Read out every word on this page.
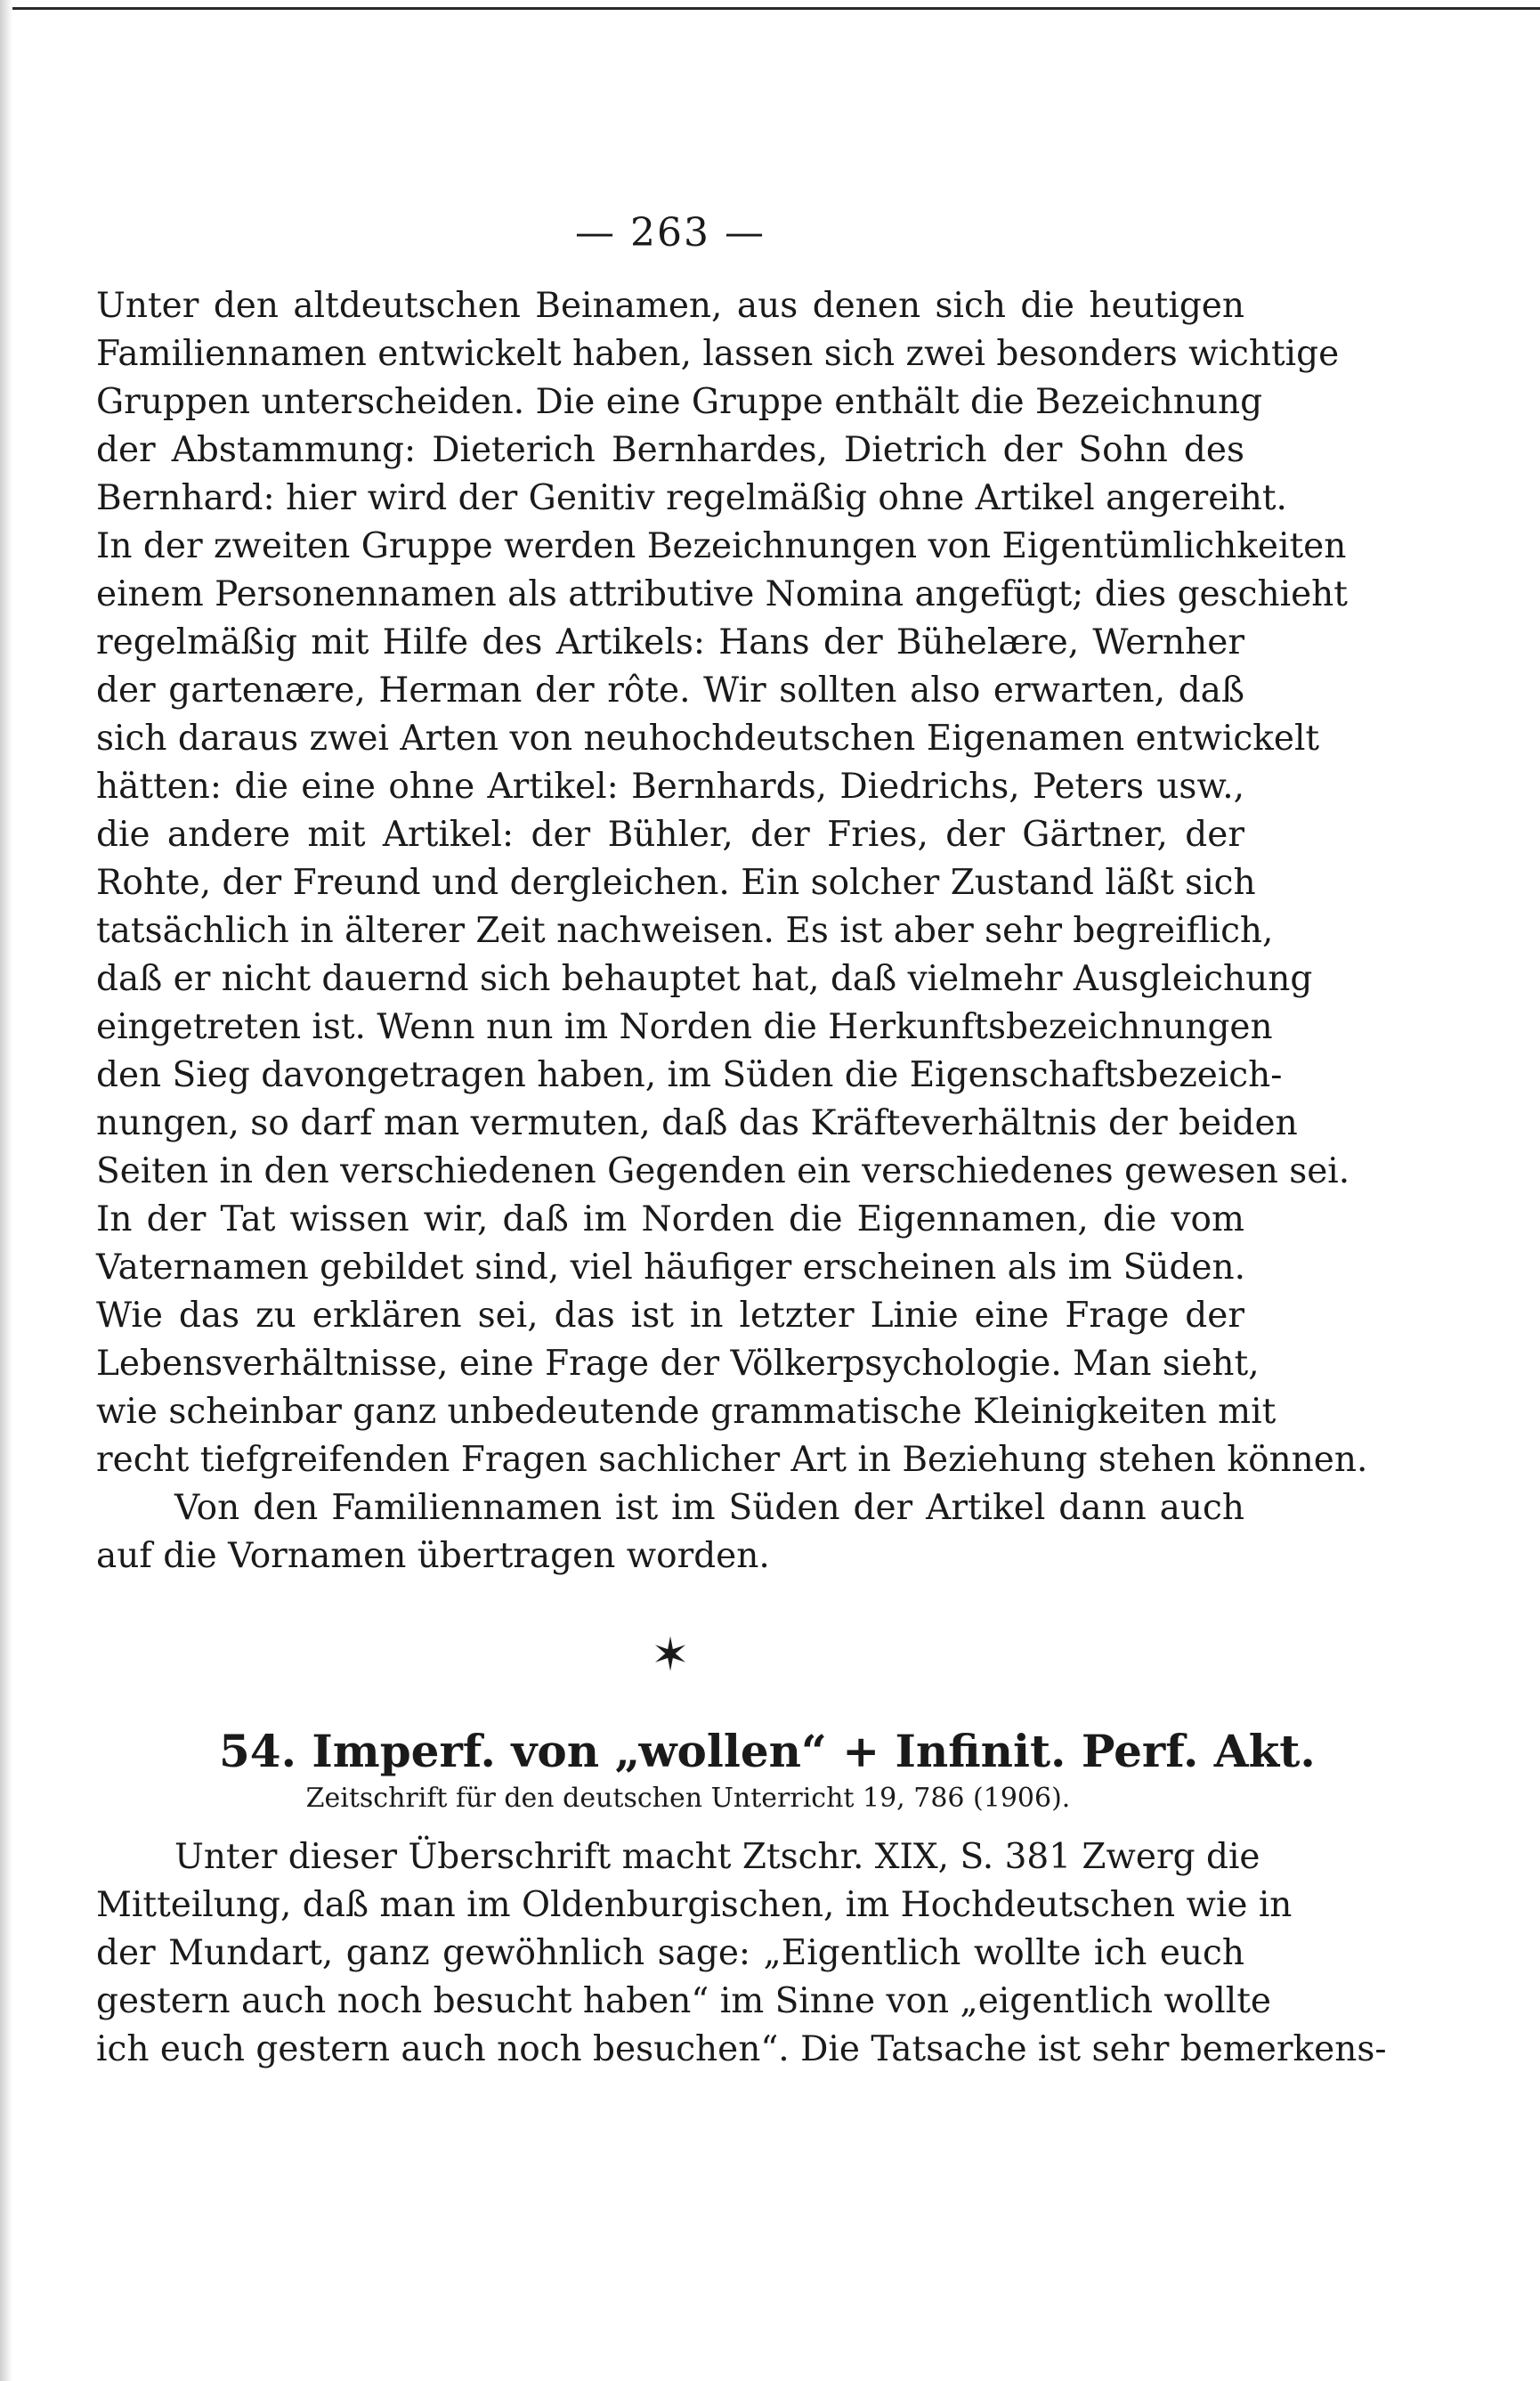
— 263 —
Unter den altdeutschen Beinamen, aus denen sich die heutigen
Familiennamen entwickelt haben, lassen sich zwei besonders wichtige
Gruppen unterscheiden. Die eine Gruppe enthält die Bezeichnung
der Abstammung: Dieterich Bernhardes, Dietrich der Sohn des
Bernhard: hier wird der Genitiv regelmäßig ohne Artikel angereiht.
In der zweiten Gruppe werden Bezeichnungen von Eigentümlichkeiten
einem Personennamen als attributive Nomina angefügt; dies geschieht
regelmäßig mit Hilfe des Artikels: Hans der Bühelære, Wernher
der gartenære, Herman der rôte. Wir sollten also erwarten, daß
sich daraus zwei Arten von neuhochdeutschen Eigenamen entwickelt
hätten: die eine ohne Artikel: Bernhards, Diedrichs, Peters usw.,
die andere mit Artikel: der Bühler, der Fries, der Gärtner, der
Rohte, der Freund und dergleichen. Ein solcher Zustand läßt sich
tatsächlich in älterer Zeit nachweisen. Es ist aber sehr begreiflich,
daß er nicht dauernd sich behauptet hat, daß vielmehr Ausgleichung
eingetreten ist. Wenn nun im Norden die Herkunftsbezeichnungen
den Sieg davongetragen haben, im Süden die Eigenschaftsbezeich-
nungen, so darf man vermuten, daß das Kräfteverhältnis der beiden
Seiten in den verschiedenen Gegenden ein verschiedenes gewesen sei.
In der Tat wissen wir, daß im Norden die Eigennamen, die vom
Vaternamen gebildet sind, viel häufiger erscheinen als im Süden.
Wie das zu erklären sei, das ist in letzter Linie eine Frage der
Lebensverhältnisse, eine Frage der Völkerpsychologie. Man sieht,
wie scheinbar ganz unbedeutende grammatische Kleinigkeiten mit
recht tiefgreifenden Fragen sachlicher Art in Beziehung stehen können.
Von den Familiennamen ist im Süden der Artikel dann auch
auf die Vornamen übertragen worden.
✶
54. Imperf. von „wollen“ + Infinit. Perf. Akt.
Zeitschrift für den deutschen Unterricht 19, 786 (1906).
Unter dieser Überschrift macht Ztschr. XIX, S. 381 Zwerg die
Mitteilung, daß man im Oldenburgischen, im Hochdeutschen wie in
der Mundart, ganz gewöhnlich sage: „Eigentlich wollte ich euch
gestern auch noch besucht haben“ im Sinne von „eigentlich wollte
ich euch gestern auch noch besuchen“. Die Tatsache ist sehr bemerkens-
